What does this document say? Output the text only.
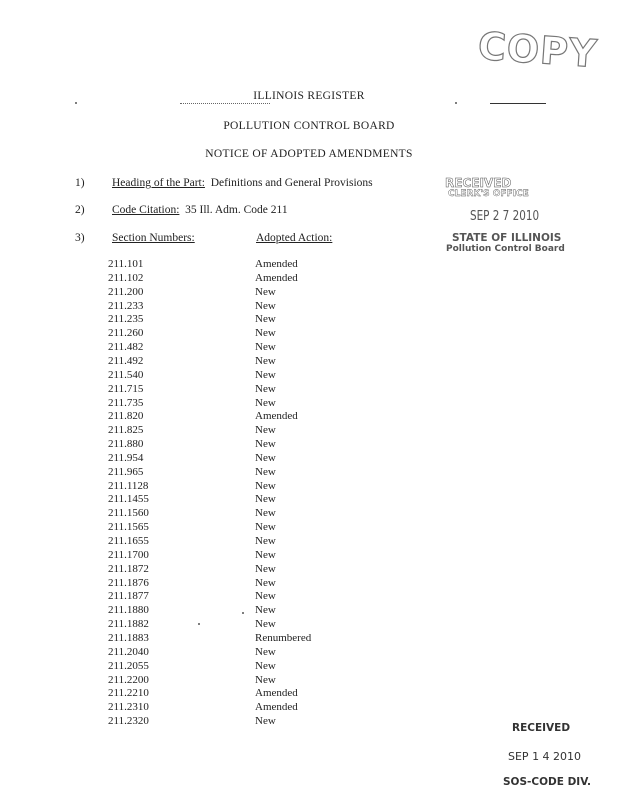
COPY
ILLINOIS REGISTER
POLLUTION CONTROL BOARD
NOTICE OF ADOPTED AMENDMENTS
1) Heading of the Part: Definitions and General Provisions
2) Code Citation: 35 Ill. Adm. Code 211
3) Section Numbers:	Adopted Action:
RECEIVED
CLERK'S OFFICE
SEP 2 7 2010
STATE OF ILLINOIS
Pollution Control Board
211.101	Amended
211.102	Amended
211.200	New
211.233	New
211.235	New
211.260	New
211.482	New
211.492	New
211.540	New
211.715	New
211.735	New
211.820	Amended
211.825	New
211.880	New
211.954	New
211.965	New
211.1128	New
211.1455	New
211.1560	New
211.1565	New
211.1655	New
211.1700	New
211.1872	New
211.1876	New
211.1877	New
211.1880	New
211.1882	New
211.1883	Renumbered
211.2040	New
211.2055	New
211.2200	New
211.2210	Amended
211.2310	Amended
211.2320	New
RECEIVED
SEP 1 4 2010
SOS-CODE DIV.
